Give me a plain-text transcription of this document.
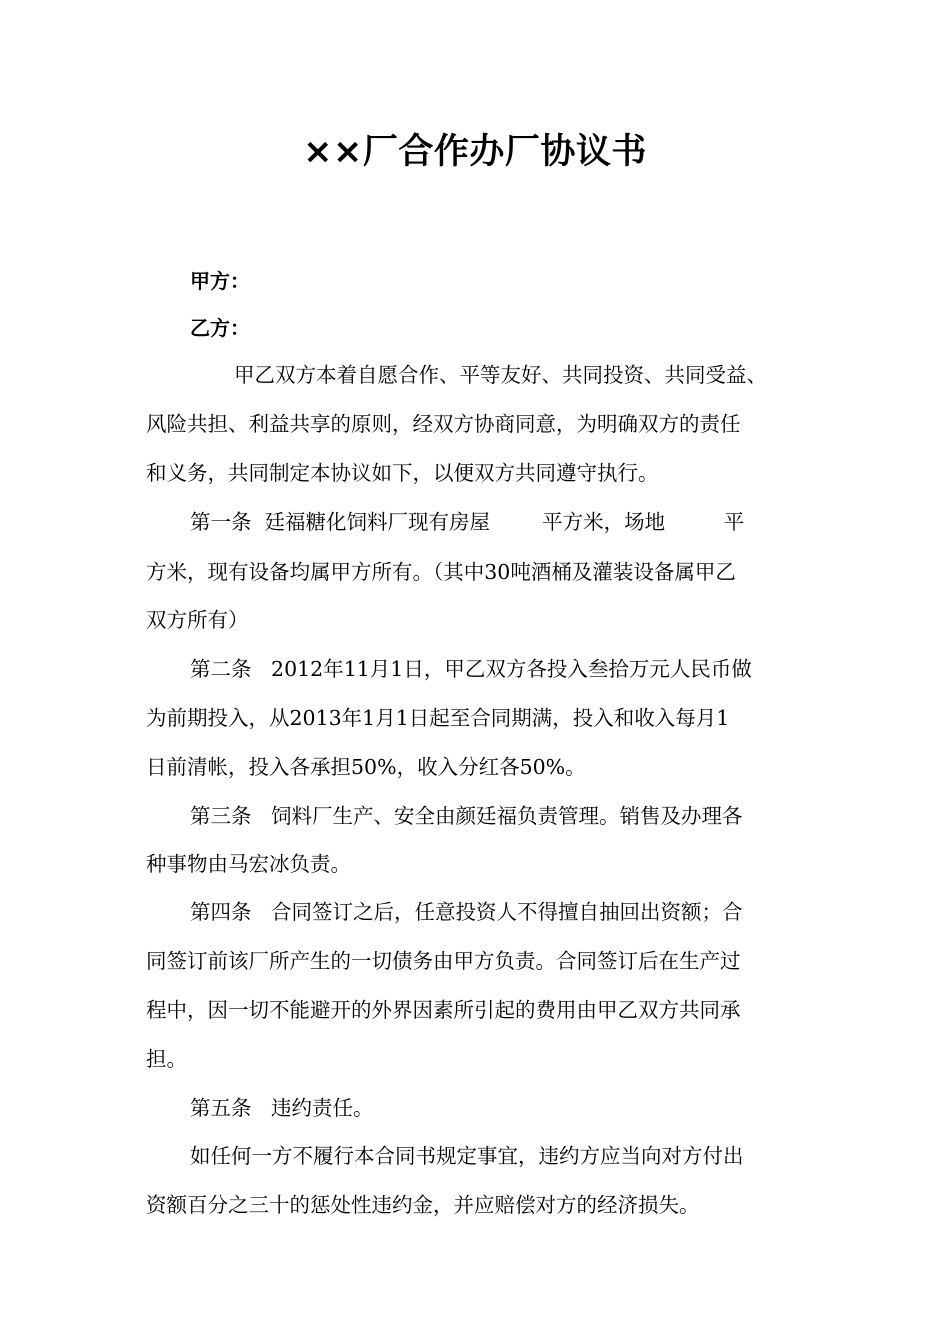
××厂合作办厂协议书
甲方：
乙方：
甲乙双方本着自愿合作、平等友好、共同投资、共同受益、
风险共担、利益共享的原则，经双方协商同意，为明确双方的责任
和义务，共同制定本协议如下，以便双方共同遵守执行。
第一条  廷福糖化饲料厂现有房屋        平方米，场地         平
方米，现有设备均属甲方所有。（其中30吨酒桶及灌装设备属甲乙
双方所有）
第二条   2012年11月1日，甲乙双方各投入叁拾万元人民币做
为前期投入，从2013年1月1日起至合同期满，投入和收入每月1
日前清帐，投入各承担50%，收入分红各50%。
第三条   饲料厂生产、安全由颜廷福负责管理。销售及办理各
种事物由马宏冰负责。
第四条   合同签订之后，任意投资人不得擅自抽回出资额；合
同签订前该厂所产生的一切债务由甲方负责。合同签订后在生产过
程中，因一切不能避开的外界因素所引起的费用由甲乙双方共同承
担。
第五条   违约责任。
如任何一方不履行本合同书规定事宜，违约方应当向对方付出
资额百分之三十的惩处性违约金，并应赔偿对方的经济损失。
